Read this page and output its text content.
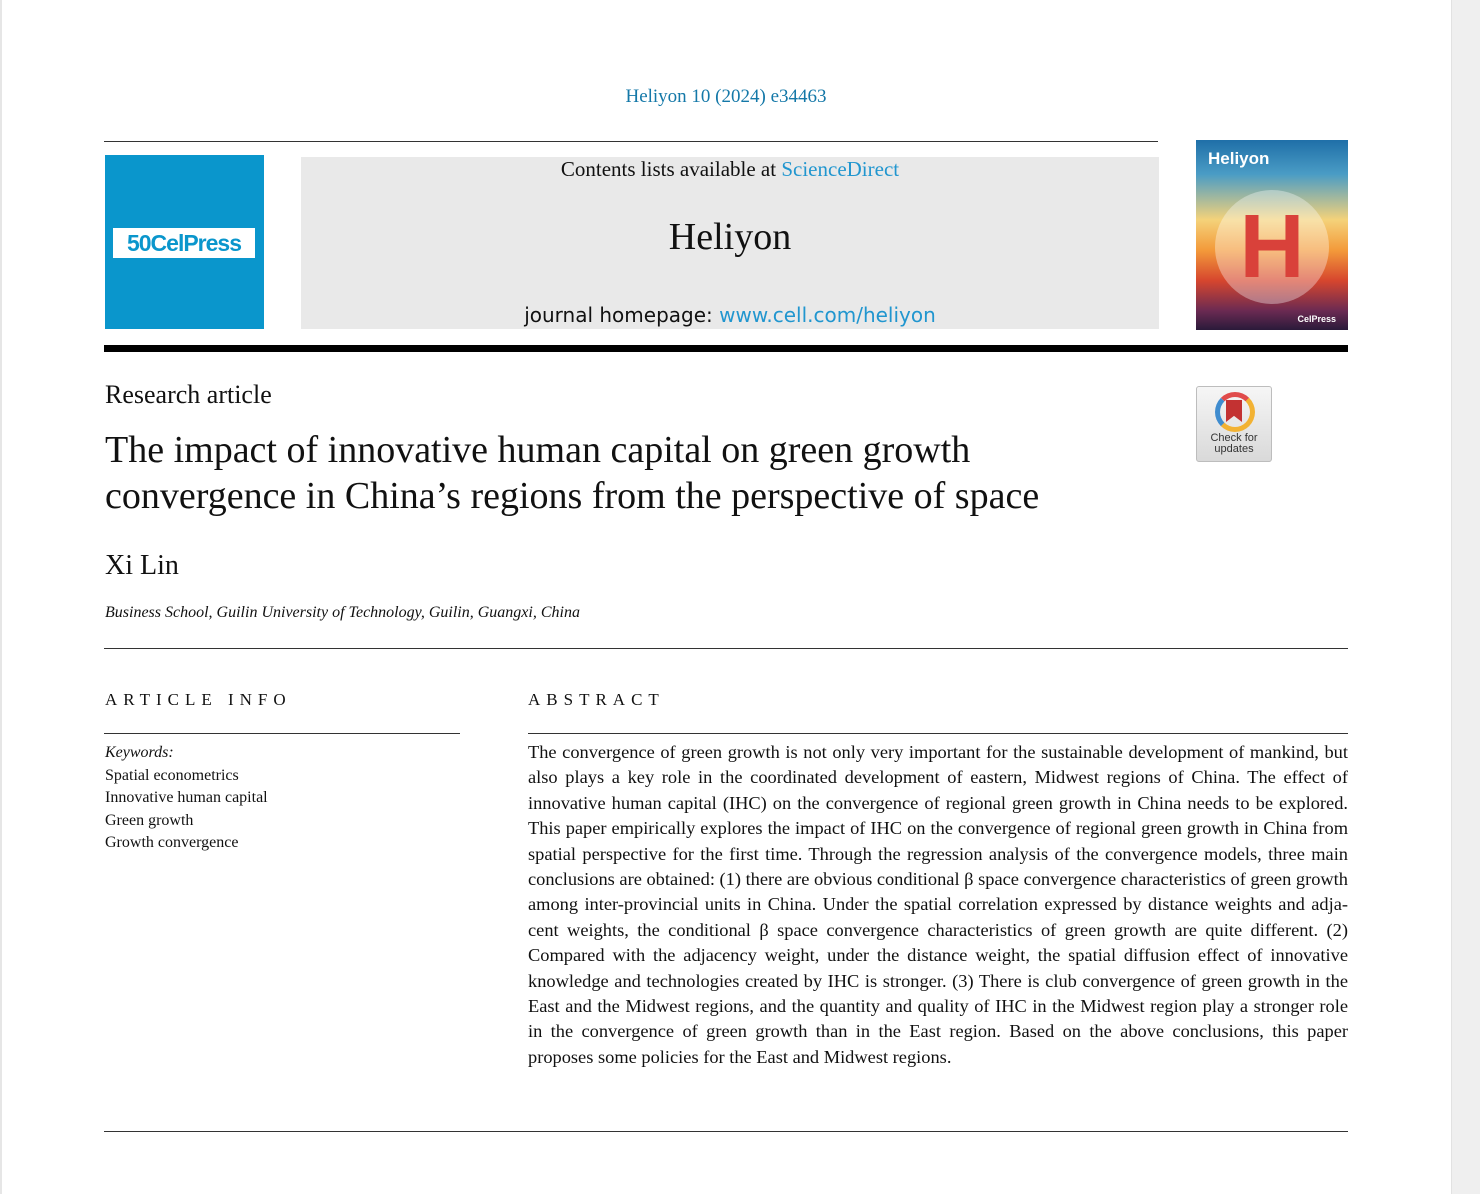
Heliyon 10 (2024) e34463
50CelPress
Contents lists available at ScienceDirect
Heliyon
journal homepage: www.cell.com/heliyon
Heliyon
H
CelPress
Research article
The impact of innovative human capital on green growth convergence in China’s regions from the perspective of space
Check for
updates
Xi Lin
Business School, Guilin University of Technology, Guilin, Guangxi, China
ARTICLE INFO	ABSTRACT
Keywords:
Spatial econometrics
Innovative human capital
Green growth
Growth convergence
The convergence of green growth is not only very important for the sustainable development of mankind, but also plays a key role in the coordinated development of eastern, Midwest regions of China. The effect of innovative human capital (IHC) on the convergence of regional green growth in China needs to be explored. This paper empirically explores the impact of IHC on the convergence of regional green growth in China from spatial perspective for the first time. Through the regression analysis of the convergence models, three main conclusions are obtained: (1) there are obvious conditional β space convergence characteristics of green growth among inter-provincial units in China. Under the spatial correlation expressed by distance weights and adja-cent weights, the conditional β space convergence characteristics of green growth are quite different. (2) Compared with the adjacency weight, under the distance weight, the spatial diffusion effect of innovative knowledge and technologies created by IHC is stronger. (3) There is club convergence of green growth in the East and the Midwest regions, and the quantity and quality of IHC in the Midwest region play a stronger role in the convergence of green growth than in the East region. Based on the above conclusions, this paper proposes some policies for the East and Midwest regions.
